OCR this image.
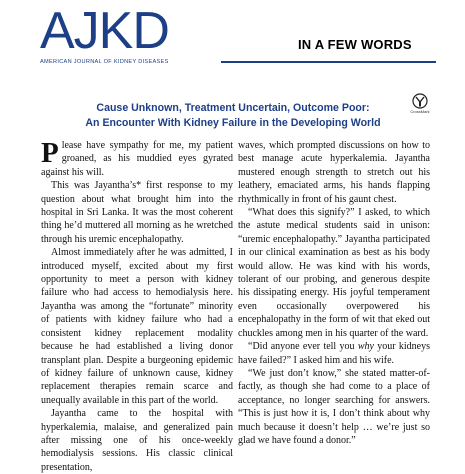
AJKD
AMERICAN JOURNAL OF KIDNEY DISEASES
IN A FEW WORDS
CrossMark
Cause Unknown, Treatment Uncertain, Outcome Poor:
An Encounter With Kidney Failure in the Developing World

Please have sympathy for me, my patient groaned, as his muddied eyes gyrated against his will.

This was Jayantha’s* first response to my question about what brought him into the hospital in Sri Lanka. It was the most coherent thing he’d muttered all morning as he wretched through his uremic encephalopathy.

Almost immediately after he was admitted, I introduced myself, excited about my first opportunity to meet a person with kidney failure who had access to hemodialysis here. Jayantha was among the “fortunate” minority of patients with kidney failure who had a consistent kidney replacement modality because he had established a living donor transplant plan. Despite a burgeoning epidemic of kidney failure of unknown cause, kidney replacement therapies remain scarce and unequally available in this part of the world.

Jayantha came to the hospital with hyperkalemia, malaise, and generalized pain after missing one of his once-weekly hemodialysis sessions. His classic clinical presentation,

waves, which prompted discussions on how to best manage acute hyperkalemia. Jayantha mustered enough strength to stretch out his leathery, emaciated arms, his hands flapping rhythmically in front of his gaunt chest.

“What does this signify?” I asked, to which the astute medical students said in unison: “uremic encephalopathy.” Jayantha participated in our clinical examination as best as his body would allow. He was kind with his words, tolerant of our probing, and generous despite his dissipating energy. His joyful temperament even occasionally overpowered his encephalopathy in the form of wit that eked out chuckles among men in his quarter of the ward.

“Did anyone ever tell you why your kidneys have failed?” I asked him and his wife.

“We just don’t know,” she stated matter-of-factly, as though she had come to a place of acceptance, no longer searching for answers. “This is just how it is, I don’t think about why much because it doesn’t help … we’re just so glad we have found a donor.”
